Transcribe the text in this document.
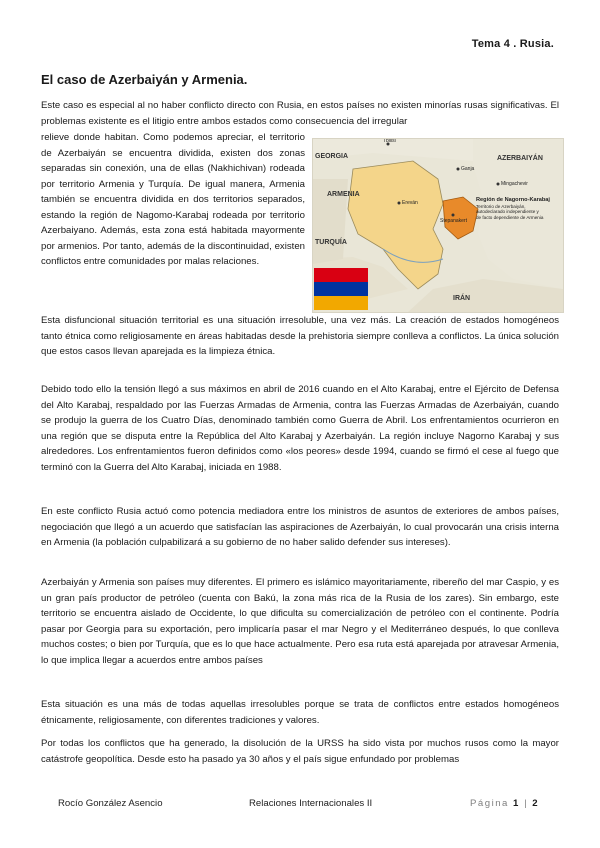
Tema 4 . Rusia.
El caso de Azerbaiyán y Armenia.

Este caso es especial al no haber conflicto directo con Rusia, en estos países no existen minorías rusas significativas. El problemas existente es el litigio entre ambos estados como consecuencia del irregular

relieve donde habitan. Como podemos apreciar, el territorio de Azerbaiyán se encuentra dividida, existen dos zonas separadas sin conexión, una de ellas (Nakhichivan) rodeada por territorio Armenia y Turquía. De igual manera, Armenia también se encuentra dividida en dos territorios separados, estando la región de Nagomo-Karabaj rodeada por territorio Azerbaiyano. Además, esta zona está habitada mayormente por armenios. Por tanto, además de la discontinuidad, existen conflictos entre comunidades por malas relaciones.

GEORGIA	AZERBAIYÁN
ARMENIA
TURQUÍA
IRÁN
Tbilisi
Ganja
Mingachevir
Ereván
Stepanakert
Región de Nagorno-Karabaj
Territorio de Azerbaiyán,
autodeclarado independiente y
de facto dependiente de Armenia

Esta disfuncional situación territorial es una situación irresoluble, una vez más. La creación de estados homogéneos tanto étnica como religiosamente en áreas habitadas desde la prehistoria siempre conlleva a conflictos. La única solución que estos casos llevan aparejada es la limpieza étnica.

Debido todo ello la tensión llegó a sus máximos en abril de 2016 cuando en el Alto Karabaj, entre el Ejército de Defensa del Alto Karabaj, respaldado por las Fuerzas Armadas de Armenia, contra las Fuerzas Armadas de Azerbaiyán, cuando se produjo la guerra de los Cuatro Días, denominado también como Guerra de Abril. Los enfrentamientos ocurrieron en una región que se disputa entre la República del Alto Karabaj y Azerbaiyán. La región incluye Nagorno Karabaj y sus alrededores. Los enfrentamientos fueron definidos como «los peores» desde 1994, cuando se firmó el cese al fuego que terminó con la Guerra del Alto Karabaj, iniciada en 1988.

En este conflicto Rusia actuó como potencia mediadora entre los ministros de asuntos de exteriores de ambos países, negociación que llegó a un acuerdo que satisfacían las aspiraciones de Azerbaiyán, lo cual provocarán una crisis interna en Armenia (la población culpabilizará a su gobierno de no haber salido defender sus intereses).

Azerbaiyán y Armenia son países muy diferentes. El primero es islámico mayoritariamente, ribereño del mar Caspio, y es un gran país productor de petróleo (cuenta con Bakú, la zona más rica de la Rusia de los zares). Sin embargo, este territorio se encuentra aislado de Occidente, lo que dificulta su comercialización de petróleo con el continente. Podría pasar por Georgia para su exportación, pero implicaría pasar el mar Negro y el Mediterráneo después, lo que conlleva muchos costes; o bien por Turquía, que es lo que hace actualmente. Pero esa ruta está aparejada por atravesar Armenia, lo que implica llegar a acuerdos entre ambos países

Esta situación es una más de todas aquellas irresolubles porque se trata de conflictos entre estados homogéneos étnicamente, religiosamente, con diferentes tradiciones y valores.

Por todas los conflictos que ha generado, la disolución de la URSS ha sido vista por muchos rusos como la mayor catástrofe geopolítica. Desde esto ha pasado ya 30 años y el país sigue enfundado por problemas

Rocío González Asencio	Relaciones Internacionales II	Página 1 | 2
